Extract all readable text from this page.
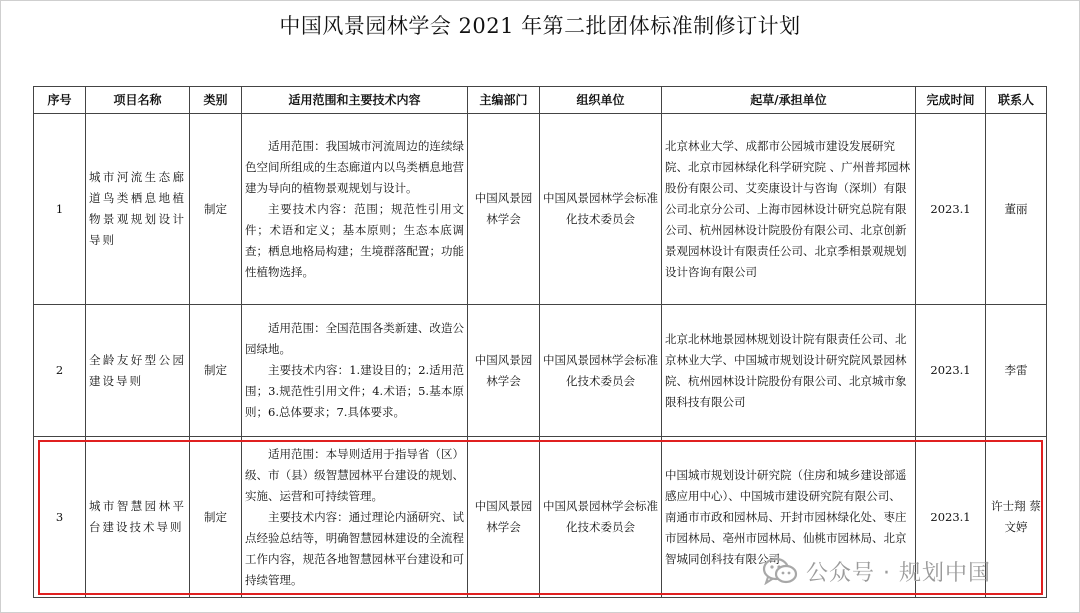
中国风景园林学会 2021 年第二批团体标准制修订计划
序号	项目名称	类别	适用范围和主要技术内容	主编部门	组织单位	起草/承担单位	完成时间	联系人
1	城市河流生态廊道鸟类栖息地植物景观规划设计导则	制定	适用范围：我国城市河流周边的连续绿色空间所组成的生态廊道内以鸟类栖息地营建为导向的植物景观规划与设计。
主要技术内容：范围；规范性引用文件；术语和定义；基本原则；生态本底调查；栖息地格局构建；生境群落配置；功能性植物选择。	中国风景园林学会	中国风景园林学会标准化技术委员会	北京林业大学、成都市公园城市建设发展研究院、北京市园林绿化科学研究院 、广州普邦园林股份有限公司、艾奕康设计与咨询（深圳）有限公司北京分公司、上海市园林设计研究总院有限公司、杭州园林设计院股份有限公司、北京创新景观园林设计有限责任公司、北京季相景观规划设计咨询有限公司	2023.1	董丽
2	全龄友好型公园建设导则	制定	适用范围：全国范围各类新建、改造公园绿地。
主要技术内容：1.建设目的；2.适用范围；3.规范性引用文件；4.术语；5.基本原则；6.总体要求；7.具体要求。	中国风景园林学会	中国风景园林学会标准化技术委员会	北京北林地景园林规划设计院有限责任公司、北京林业大学、中国城市规划设计研究院风景园林院、杭州园林设计院股份有限公司、北京城市象限科技有限公司	2023.1	李雷
3	城市智慧园林平台建设技术导则	制定	适用范围：本导则适用于指导省（区）级、市（县）级智慧园林平台建设的规划、实施、运营和可持续管理。
主要技术内容：通过理论内涵研究、试点经验总结等，明确智慧园林建设的全流程工作内容，规范各地智慧园林平台建设和可持续管理。	中国风景园林学会	中国风景园林学会标准化技术委员会	中国城市规划设计研究院（住房和城乡建设部遥感应用中心）、中国城市建设研究院有限公司、南通市市政和园林局、开封市园林绿化处、枣庄市园林局、亳州市园林局、仙桃市园林局、北京智城同创科技有限公司	2023.1	许士翔 蔡文婷
公众号 · 规划中国
